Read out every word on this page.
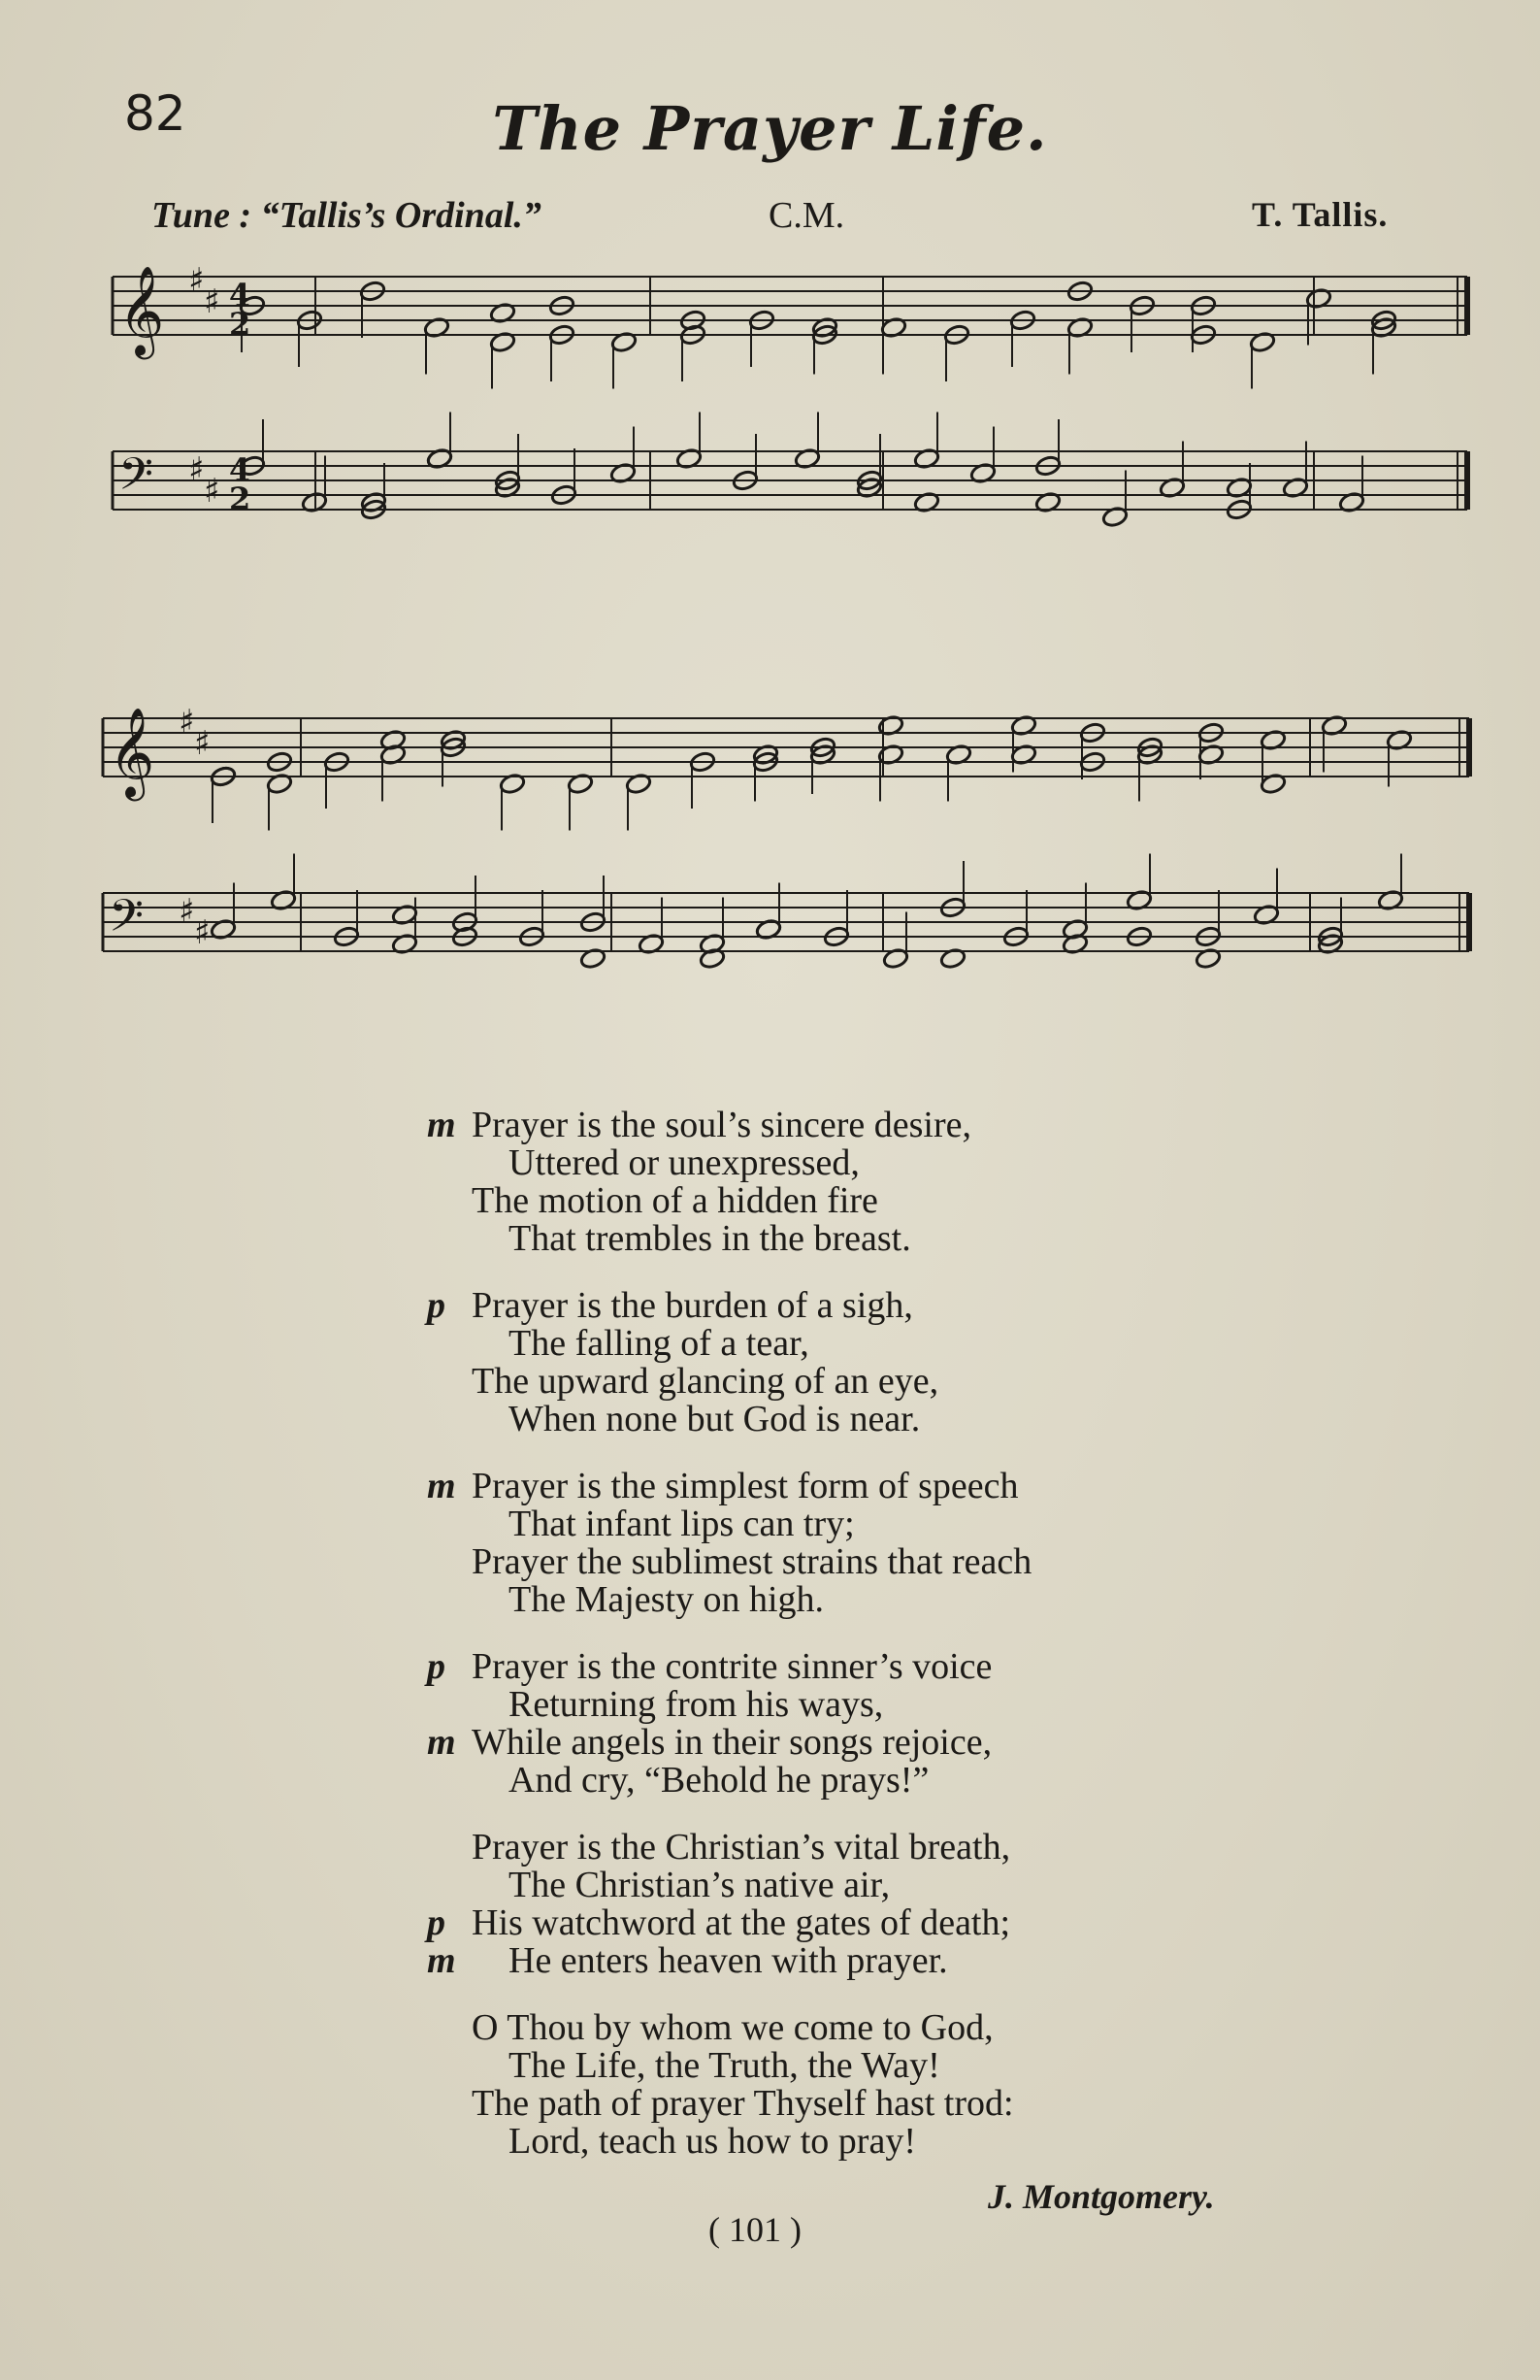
82	The Prayer Life.
Tune : “Tallis’s Ordinal.”	C.M.	T. Tallis.
𝄞 ♯
♯ 4
2
𝄢 ♯
♯
4
2
𝄞 ♯
♯
𝄢 ♯
♯
m Prayer is the soul’s sincere desire,
Uttered or unexpressed,
The motion of a hidden fire
That trembles in the breast.
p Prayer is the burden of a sigh,
The falling of a tear,
The upward glancing of an eye,
When none but God is near.
m Prayer is the simplest form of speech
That infant lips can try;
Prayer the sublimest strains that reach
The Majesty on high.
p Prayer is the contrite sinner’s voice
Returning from his ways,
m While angels in their songs rejoice,
And cry, “Behold he prays!”
Prayer is the Christian’s vital breath,
The Christian’s native air,
p His watchword at the gates of death;
m He enters heaven with prayer.
O Thou by whom we come to God,
The Life, the Truth, the Way!
The path of prayer Thyself hast trod:
Lord, teach us how to pray!
J. Montgomery.
( 101 )
